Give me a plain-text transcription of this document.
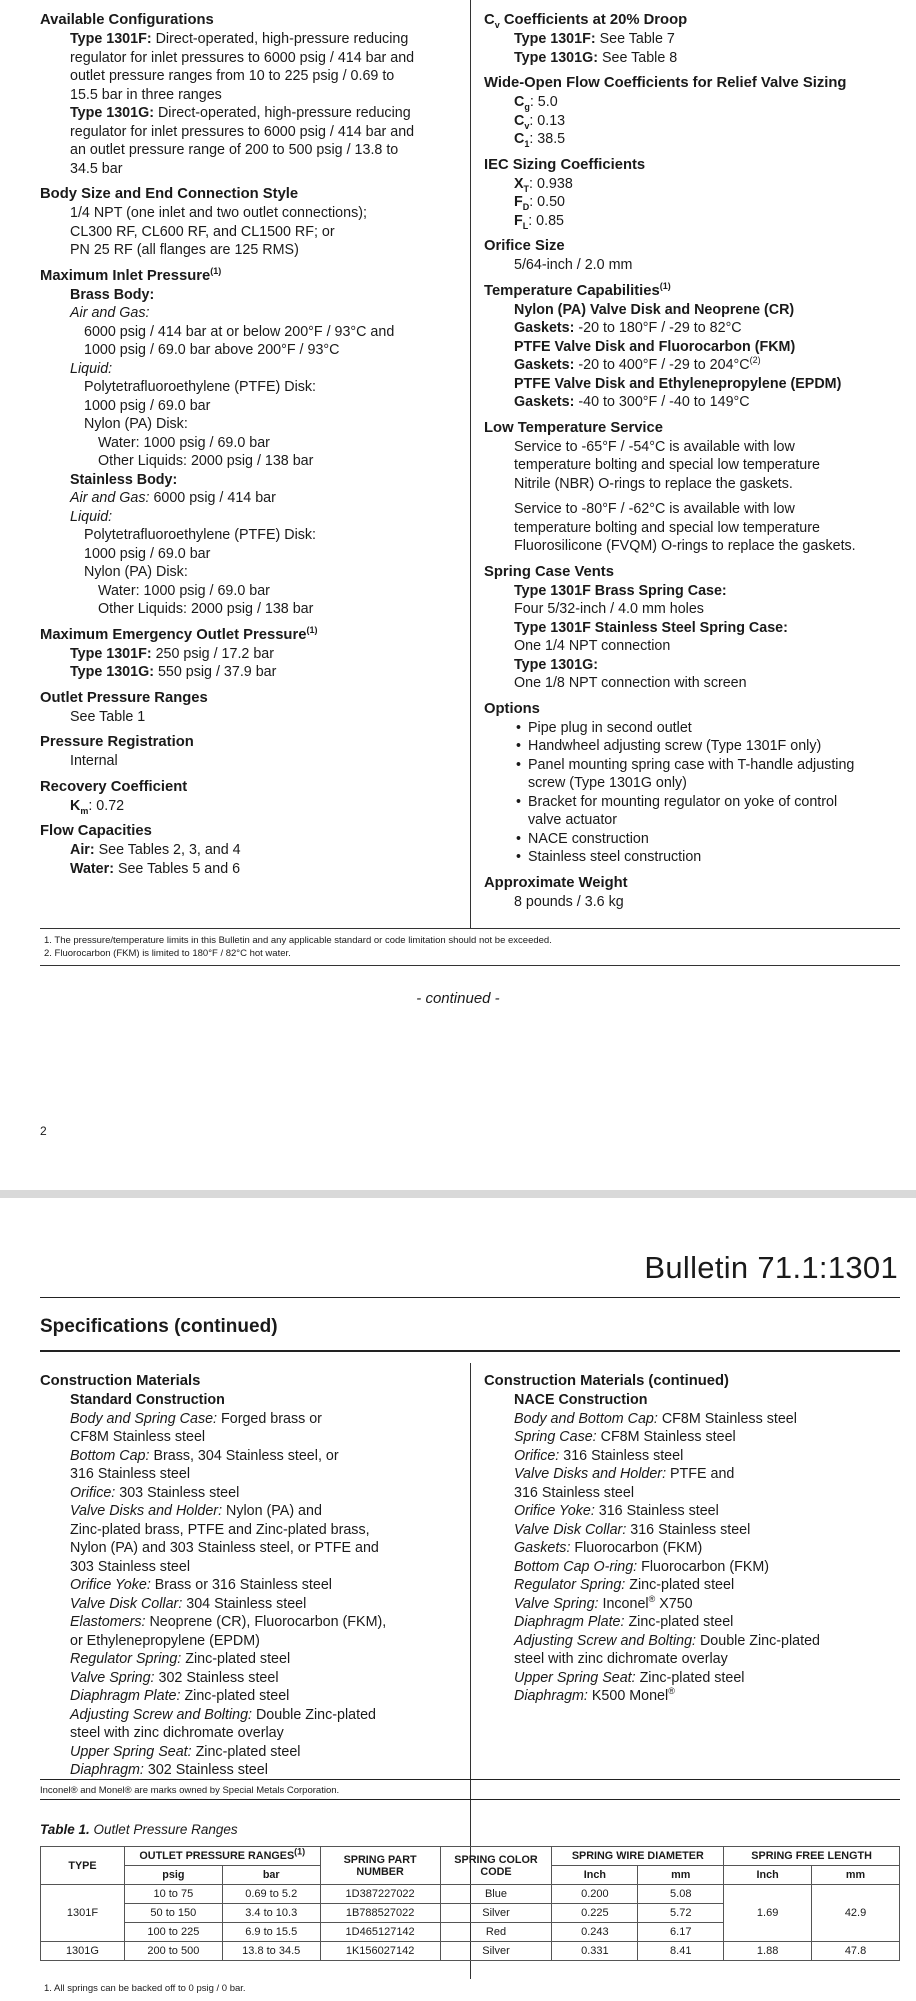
Available Configurations
Type 1301F: Direct-operated, high-pressure reducing
regulator for inlet pressures to 6000 psig / 414 bar and
outlet pressure ranges from 10 to 225 psig / 0.69 to
15.5 bar in three ranges
Type 1301G: Direct-operated, high-pressure reducing
regulator for inlet pressures to 6000 psig / 414 bar and
an outlet pressure range of 200 to 500 psig / 13.8 to
34.5 bar
Body Size and End Connection Style
1/4 NPT (one inlet and two outlet connections);
CL300 RF, CL600 RF, and CL1500 RF; or
PN 25 RF (all flanges are 125 RMS)
Maximum Inlet Pressure$^{(1)}$
Brass Body:
Air and Gas:
6000 psig / 414 bar at or below 200°F / 93°C and
1000 psig / 69.0 bar above 200°F / 93°C
Liquid:
Polytetrafluoroethylene (PTFE) Disk:
1000 psig / 69.0 bar
Nylon (PA) Disk:
Water: 1000 psig / 69.0 bar
Other Liquids: 2000 psig / 138 bar
Stainless Body:
Air and Gas: 6000 psig / 414 bar
Liquid:
Polytetrafluoroethylene (PTFE) Disk:
1000 psig / 69.0 bar
Nylon (PA) Disk:
Water: 1000 psig / 69.0 bar
Other Liquids: 2000 psig / 138 bar
Maximum Emergency Outlet Pressure$^{(1)}$
Type 1301F: 250 psig / 17.2 bar
Type 1301G: 550 psig / 37.9 bar
Outlet Pressure Ranges
See Table 1
Pressure Registration
Internal
Recovery Coefficient
$K_m$: 0.72
Flow Capacities
Air: See Tables 2, 3, and 4
Water: See Tables 5 and 6
$C_v$ Coefficients at 20% Droop
Type 1301F: See Table 7
Type 1301G: See Table 8
Wide-Open Flow Coefficients for Relief Valve Sizing
$C_g$: 5.0
$C_v$: 0.13
$C_1$: 38.5
IEC Sizing Coefficients
$X_T$: 0.938
$F_D$: 0.50
$F_L$: 0.85
Orifice Size
5/64-inch / 2.0 mm
Temperature Capabilities$^{(1)}$
Nylon (PA) Valve Disk and Neoprene (CR)
Gaskets: -20 to 180°F / -29 to 82°C
PTFE Valve Disk and Fluorocarbon (FKM)
Gaskets: -20 to 400°F / -29 to $204^\circ C^{(2)}$
PTFE Valve Disk and Ethylenepropylene (EPDM)
Gaskets: -40 to 300°F / -40 to 149°C
Low Temperature Service
Service to -65°F / -54°C is available with low
temperature bolting and special low temperature
Nitrile (NBR) O-rings to replace the gaskets.
Service to -80°F / -62°C is available with low
temperature bolting and special low temperature
Fluorosilicone (FVQM) O-rings to replace the gaskets.
Spring Case Vents
Type 1301F Brass Spring Case:
Four 5/32-inch / 4.0 mm holes
Type 1301F Stainless Steel Spring Case:
One 1/4 NPT connection
Type 1301G:
One 1/8 NPT connection with screen
Options
• Pipe plug in second outlet
• Handwheel adjusting screw (Type 1301F only)
• Panel mounting spring case with T-handle adjusting
screw (Type 1301G only)
• Bracket for mounting regulator on yoke of control
valve actuator
• NACE construction
• Stainless steel construction
Approximate Weight
8 pounds / 3.6 kg
1. The pressure/temperature limits in this Bulletin and any applicable standard or code limitation should not be exceeded.
2. Fluorocarbon (FKM) is limited to 180°F / 82°C hot water.
- continued -
2
Bulletin 71.1:1301
Specifications (continued)
Construction Materials
Standard Construction
Body and Spring Case: Forged brass or
CF8M Stainless steel
Bottom Cap: Brass, 304 Stainless steel, or
316 Stainless steel
Orifice: 303 Stainless steel
Valve Disks and Holder: Nylon (PA) and
Zinc-plated brass, PTFE and Zinc-plated brass,
Nylon (PA) and 303 Stainless steel, or PTFE and
303 Stainless steel
Orifice Yoke: Brass or 316 Stainless steel
Valve Disk Collar: 304 Stainless steel
Elastomers: Neoprene (CR), Fluorocarbon (FKM),
or Ethylenepropylene (EPDM)
Regulator Spring: Zinc-plated steel
Valve Spring: 302 Stainless steel
Diaphragm Plate: Zinc-plated steel
Adjusting Screw and Bolting: Double Zinc-plated
steel with zinc dichromate overlay
Upper Spring Seat: Zinc-plated steel
Diaphragm: 302 Stainless steel
Construction Materials (continued)
NACE Construction
Body and Bottom Cap: CF8M Stainless steel
Spring Case: CF8M Stainless steel
Orifice: 316 Stainless steel
Valve Disks and Holder: PTFE and
316 Stainless steel
Orifice Yoke: 316 Stainless steel
Valve Disk Collar: 316 Stainless steel
Gaskets: Fluorocarbon (FKM)
Bottom Cap O-ring: Fluorocarbon (FKM)
Regulator Spring: Zinc-plated steel
Valve Spring: Inconel® X750
Diaphragm Plate: Zinc-plated steel
Adjusting Screw and Bolting: Double Zinc-plated
steel with zinc dichromate overlay
Upper Spring Seat: Zinc-plated steel
Diaphragm: K500 Monel®
Inconel® and Monel® are marks owned by Special Metals Corporation.
Table 1. Outlet Pressure Ranges
TYPE	OUTLET PRESSURE RANGES$^{(1)}$		SPRING PART
NUMBER	SPRING COLOR
CODE	SPRING WIRE DIAMETER		SPRING FREE LENGTH	
	psig	bar			Inch	mm	Inch	mm
1301F	10 to 75	0.69 to 5.2	1D387227022	Blue	0.200	5.08	1.69	42.9
	50 to 150	3.4 to 10.3	1B788527022	Silver	0.225	5.72		
	100 to 225	6.9 to 15.5	1D465127142	Red	0.243	6.17		
1301G	200 to 500	13.8 to 34.5	1K156027142	Silver	0.331	8.41	1.88	47.8
1. All springs can be backed off to 0 psig / 0 bar.
